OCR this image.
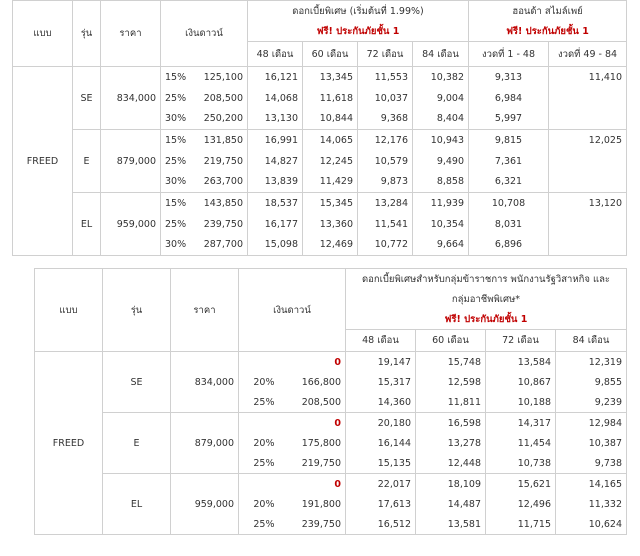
แบบ	รุ่น	ราคา	เงินดาวน์		ดอกเบี้ยพิเศษ (เริ่มต้นที่ 1.99%)				ฮอนด้า สไมล์เพย์	
					ฟรี! ประกันภัยชั้น 1				ฟรี! ประกันภัยชั้น 1	
					48 เดือน	60 เดือน	72 เดือน	84 เดือน	งวดที่ 1 - 48	งวดที่ 49 - 84
FREED	SE	834,000	15%	125,100	16,121	13,345	11,553	10,382	9,313	11,410
			25%	208,500	14,068	11,618	10,037	9,004	6,984	
			30%	250,200	13,130	10,844	9,368	8,404	5,997	
	E	879,000	15%	131,850	16,991	14,065	12,176	10,943	9,815	12,025
			25%	219,750	14,827	12,245	10,579	9,490	7,361	
			30%	263,700	13,839	11,429	9,873	8,858	6,321	
	EL	959,000	15%	143,850	18,537	15,345	13,284	11,939	10,708	13,120
			25%	239,750	16,177	13,360	11,541	10,354	8,031	
			30%	287,700	15,098	12,469	10,772	9,664	6,896	
แบบ	รุ่น	ราคา	เงินดาวน์		ดอกเบี้ยพิเศษสำหรับกลุ่มข้าราชการ พนักงานรัฐวิสาหกิจ และ			
					กลุ่มอาชีพพิเศษ*			
					ฟรี! ประกันภัยชั้น 1			
					48 เดือน	60 เดือน	72 เดือน	84 เดือน
FREED	SE	834,000		0	19,147	15,748	13,584	12,319
			20%	166,800	15,317	12,598	10,867	9,855
			25%	208,500	14,360	11,811	10,188	9,239
	E	879,000		0	20,180	16,598	14,317	12,984
			20%	175,800	16,144	13,278	11,454	10,387
			25%	219,750	15,135	12,448	10,738	9,738
	EL	959,000		0	22,017	18,109	15,621	14,165
			20%	191,800	17,613	14,487	12,496	11,332
			25%	239,750	16,512	13,581	11,715	10,624
